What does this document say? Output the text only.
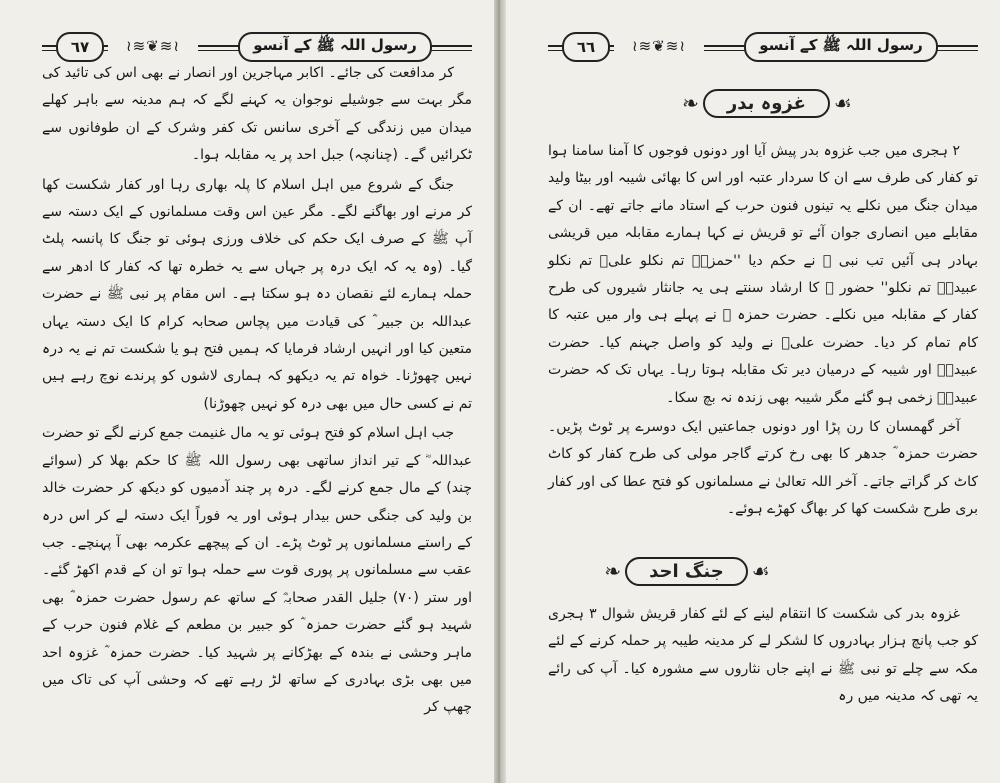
٦٧	≀≋❦≋≀	رسول اللہ ﷺ کے آنسو

کر مدافعت کی جائے۔ اکابر مہاجرین اور انصار نے بھی اس کی تائید کی مگر بہت سے جوشیلے نوجوان یہ کہنے لگے کہ ہم مدینہ سے باہر کھلے میدان میں زندگی کے آخری سانس تک کفر وشرک کے ان طوفانوں سے ٹکرائیں گے۔ (چنانچہ) جبل احد پر یہ مقابلہ ہوا۔

جنگ کے شروع میں اہل اسلام کا پلہ بھاری رہا اور کفار شکست کھا کر مرنے اور بھاگنے لگے۔ مگر عین اس وقت مسلمانوں کے ایک دستہ سے آپ ﷺ کے صرف ایک حکم کی خلاف ورزی ہوئی تو جنگ کا پانسہ پلٹ گیا۔ (وہ یہ کہ ایک درہ پر جہاں سے یہ خطرہ تھا کہ کفار کا ادھر سے حملہ ہمارے لئے نقصان دہ ہو سکتا ہے۔ اس مقام پر نبی ﷺ نے حضرت عبداللہ بن جبیر ؓ کی قیادت میں پچاس صحابہ کرام کا ایک دستہ یہاں متعین کیا اور انہیں ارشاد فرمایا کہ ہمیں فتح ہو یا شکست تم نے یہ درہ نہیں چھوڑنا۔ خواہ تم یہ دیکھو کہ ہماری لاشوں کو پرندے نوچ رہے ہیں تم نے کسی حال میں بھی درہ کو نہیں چھوڑنا)

جب اہل اسلام کو فتح ہوئی تو یہ مال غنیمت جمع کرنے لگے تو حضرت عبداللہ ؓ کے تیر انداز ساتھی بھی رسول اللہ ﷺ کا حکم بھلا کر (سوائے چند) کے مال جمع کرنے لگے۔ درہ پر چند آدمیوں کو دیکھ کر حضرت خالد بن ولید کی جنگی حس بیدار ہوئی اور یہ فوراً ایک دستہ لے کر اس درہ کے راستے مسلمانوں پر ٹوٹ پڑے۔ ان کے پیچھے عکرمہ بھی آ پہنچے۔ جب عقب سے مسلمانوں پر پوری قوت سے حملہ ہوا تو ان کے قدم اکھڑ گئے۔ اور ستر (٧٠) جلیل القدر صحابہؓ کے ساتھ عم رسول حضرت حمزہ ؓ بھی شہید ہو گئے حضرت حمزہ ؓ کو جبیر بن مطعم کے غلام فنون حرب کے ماہر وحشی نے بندہ کے بھڑکانے پر شہید کیا۔ حضرت حمزہ ؓ غزوہ احد میں بھی بڑی بہادری کے ساتھ لڑ رہے تھے کہ وحشی آپ کی تاک میں چھپ کر

٦٦	≀≋❦≋≀	رسول اللہ ﷺ کے آنسو
❧	غزوہ بدر	☙

۲ ہجری میں جب غزوہ بدر پیش آیا اور دونوں فوجوں کا آمنا سامنا ہوا تو کفار کی طرف سے ان کا سردار عتبہ اور اس کا بھائی شیبہ اور بیٹا ولید میدان جنگ میں نکلے یہ تینوں فنون حرب کے استاد مانے جاتے تھے۔ ان کے مقابلے میں انصاری جوان آئے تو قریش نے کہا ہمارے مقابلہ میں قریشی بہادر ہی آئیں تب نبی ﷺ نے حکم دیا ''حمزہؓ تم نکلو علیؓ تم نکلو عبیدہؓ تم نکلو'' حضور ﷺ کا ارشاد سنتے ہی یہ جانثار شیروں کی طرح کفار کے مقابلہ میں نکلے۔ حضرت حمزہ ؓ نے پہلے ہی وار میں عتبہ کا کام تمام کر دیا۔ حضرت علیؓ نے ولید کو واصل جہنم کیا۔ حضرت عبیدہؓ اور شیبہ کے درمیان دیر تک مقابلہ ہوتا رہا۔ یہاں تک کہ حضرت عبیدہؓ زخمی ہو گئے مگر شیبہ بھی زندہ نہ بچ سکا۔

آخر گھمسان کا رن پڑا اور دونوں جماعتیں ایک دوسرے پر ٹوٹ پڑیں۔ حضرت حمزہ ؓ جدھر کا بھی رخ کرتے گاجر مولی کی طرح کفار کو کاٹ کاٹ کر گراتے جاتے۔ آخر اللہ تعالیٰ نے مسلمانوں کو فتح عطا کی اور کفار بری طرح شکست کھا کر بھاگ کھڑے ہوئے۔

❧	جنگ احد	☙

غزوہ بدر کی شکست کا انتقام لینے کے لئے کفار قریش شوال ۳ ہجری کو جب پانچ ہزار بہادروں کا لشکر لے کر مدینہ طیبہ پر حملہ کرنے کے لئے مکہ سے چلے تو نبی ﷺ نے اپنے جاں نثاروں سے مشورہ کیا۔ آپ کی رائے یہ تھی کہ مدینہ میں رہ
